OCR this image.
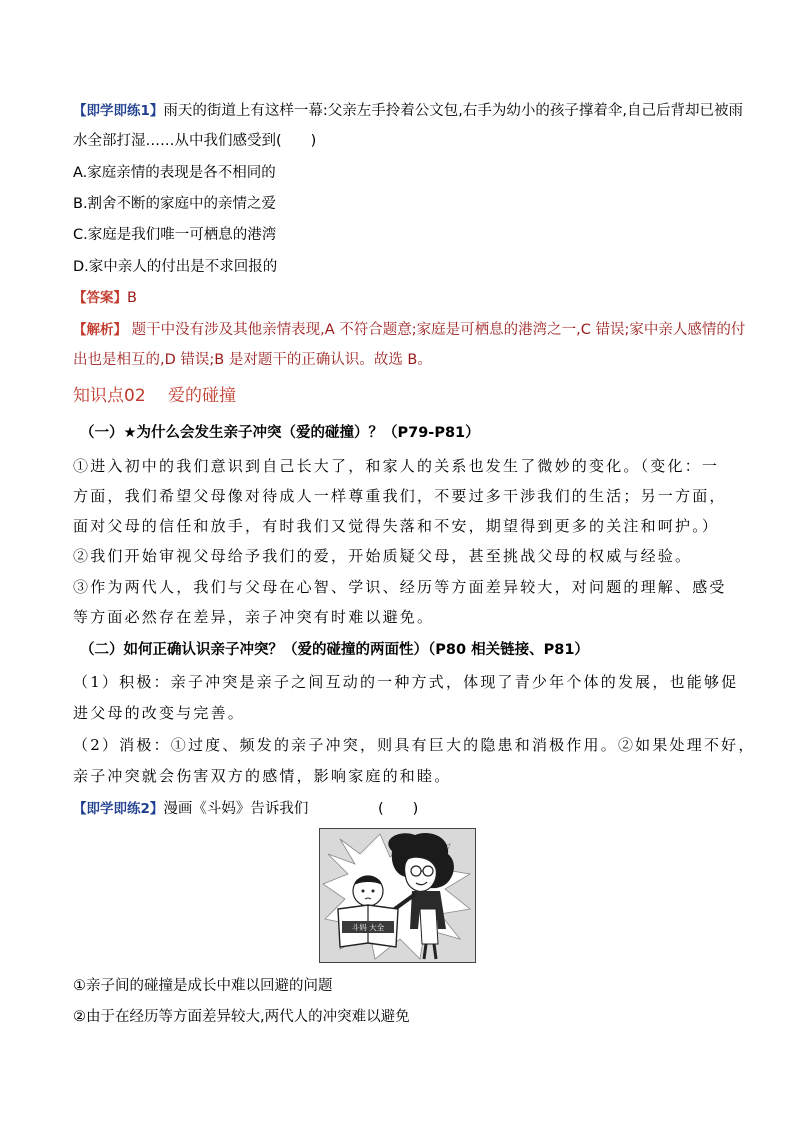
【即学即练1】雨天的街道上有这样一幕:父亲左手拎着公文包,右手为幼小的孩子撑着伞,自己后背却已被雨
水全部打湿……从中我们感受到(　　)
A.家庭亲情的表现是各不相同的
B.割舍不断的家庭中的亲情之爱
C.家庭是我们唯一可栖息的港湾
D.家中亲人的付出是不求回报的
【答案】B
【解析】 题干中没有涉及其他亲情表现,A 不符合题意;家庭是可栖息的港湾之一,C 错误;家中亲人感情的付
出也是相互的,D 错误;B 是对题干的正确认识。故选 B。
知识点02　 爱的碰撞
（一）★为什么会发生亲子冲突（爱的碰撞）？（P79-P81）
①进入初中的我们意识到自己长大了，和家人的关系也发生了微妙的变化。（变化：一
方面，我们希望父母像对待成人一样尊重我们，不要过多干涉我们的生活；另一方面，
面对父母的信任和放手，有时我们又觉得失落和不安，期望得到更多的关注和呵护。）
②我们开始审视父母给予我们的爱，开始质疑父母，甚至挑战父母的权威与经验。
③作为两代人，我们与父母在心智、学识、经历等方面差异较大，对问题的理解、感受
等方面必然存在差异，亲子冲突有时难以避免。
（二）如何正确认识亲子冲突？（爱的碰撞的两面性）（P80 相关链接、P81）
（1）积极：亲子冲突是亲子之间互动的一种方式，体现了青少年个体的发展，也能够促
进父母的改变与完善。
（2）消极：①过度、频发的亲子冲突，则具有巨大的隐患和消极作用。②如果处理不好，
亲子冲突就会伤害双方的感情，影响家庭的和睦。
【即学即练2】漫画《斗妈》告诉我们	(　　)
斗妈 大全
①亲子间的碰撞是成长中难以回避的问题
②由于在经历等方面差异较大,两代人的冲突难以避免
